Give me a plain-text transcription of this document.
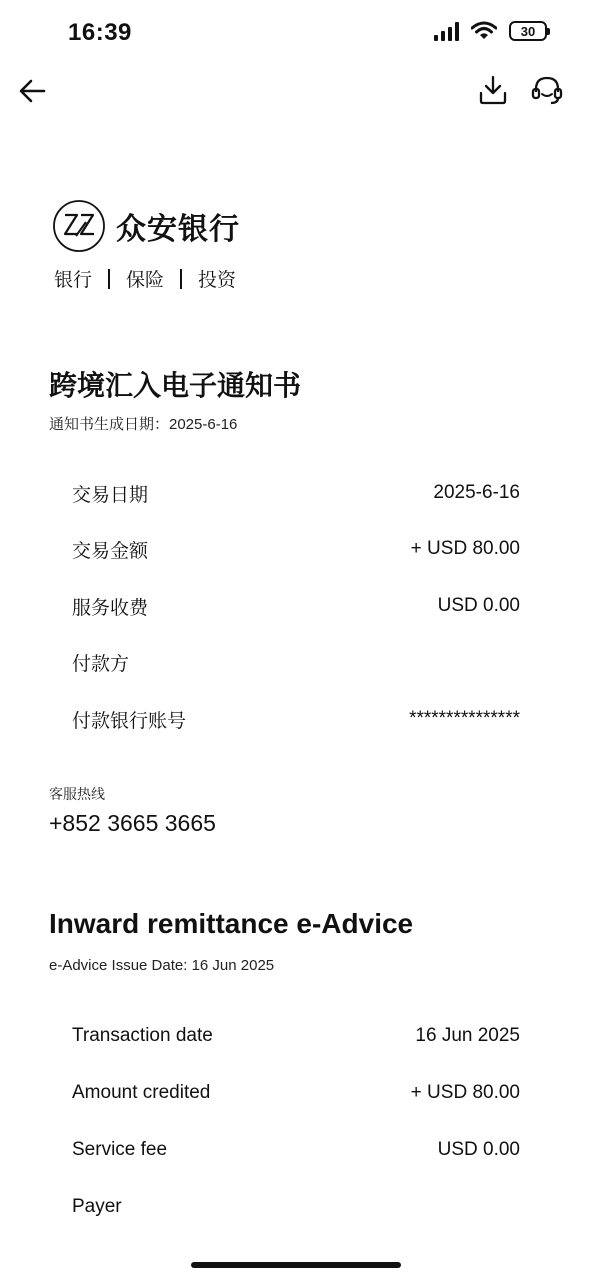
16:39	30
众安银行
银行 保险 投资
跨境汇入电子通知书
通知书生成日期：2025-6-16
交易日期	2025-6-16
交易金额	+ USD 80.00
服务收费	USD 0.00
付款方
付款银行账号	***************
客服热线
+852 3665 3665
Inward remittance e-Advice
e-Advice Issue Date: 16 Jun 2025
Transaction date	16 Jun 2025
Amount credited	+ USD 80.00
Service fee	USD 0.00
Payer
